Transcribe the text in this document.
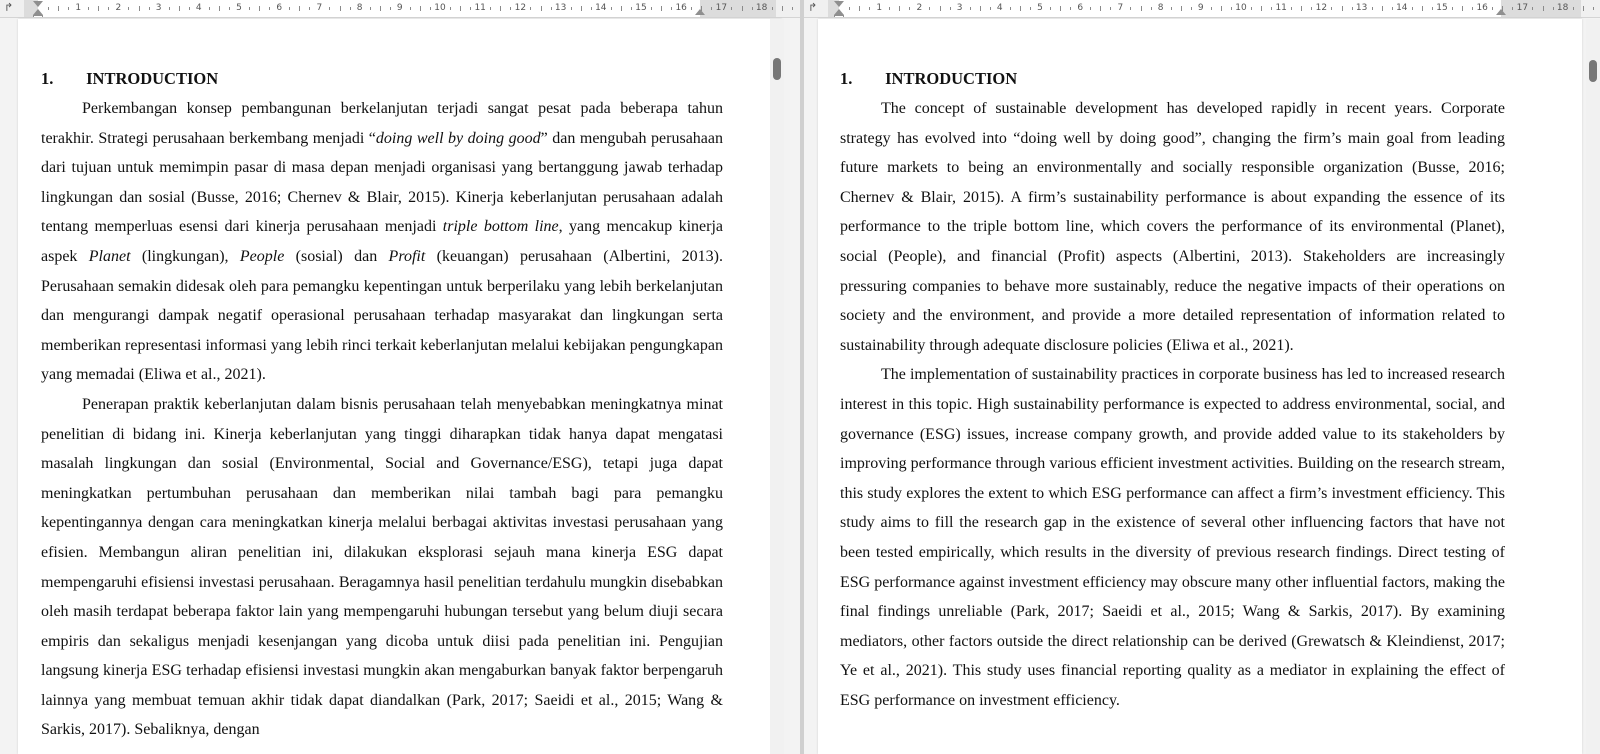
↱	1	2	3	4	5	6	7	8	9	10	11	12	13	14	15	16	17	18
1. INTRODUCTION

Perkembangan konsep pembangunan berkelanjutan terjadi sangat pesat pada beberapa tahun terakhir. Strategi perusahaan berkembang menjadi “doing well by doing good” dan mengubah perusahaan dari tujuan untuk memimpin pasar di masa depan menjadi organisasi yang bertanggung jawab terhadap lingkungan dan sosial (Busse, 2016; Chernev & Blair, 2015). Kinerja keberlanjutan perusahaan adalah tentang memperluas esensi dari kinerja perusahaan menjadi triple bottom line, yang mencakup kinerja aspek Planet (lingkungan), People (sosial) dan Profit (keuangan) perusahaan (Albertini, 2013). Perusahaan semakin didesak oleh para pemangku kepentingan untuk berperilaku yang lebih berkelanjutan dan mengurangi dampak negatif operasional perusahaan terhadap masyarakat dan lingkungan serta memberikan representasi informasi yang lebih rinci terkait keberlanjutan melalui kebijakan pengungkapan yang memadai (Eliwa et al., 2021).

Penerapan praktik keberlanjutan dalam bisnis perusahaan telah menyebabkan meningkatnya minat penelitian di bidang ini. Kinerja keberlanjutan yang tinggi diharapkan tidak hanya dapat mengatasi masalah lingkungan dan sosial (Environmental, Social and Governance/ESG), tetapi juga dapat meningkatkan pertumbuhan perusahaan dan memberikan nilai tambah bagi para pemangku kepentingannya dengan cara meningkatkan kinerja melalui berbagai aktivitas investasi perusahaan yang efisien. Membangun aliran penelitian ini, dilakukan eksplorasi sejauh mana kinerja ESG dapat mempengaruhi efisiensi investasi perusahaan. Beragamnya hasil penelitian terdahulu mungkin disebabkan oleh masih terdapat beberapa faktor lain yang mempengaruhi hubungan tersebut yang belum diuji secara empiris dan sekaligus menjadi kesenjangan yang dicoba untuk diisi pada penelitian ini. Pengujian langsung kinerja ESG terhadap efisiensi investasi mungkin akan mengaburkan banyak faktor berpengaruh lainnya yang membuat temuan akhir tidak dapat diandalkan (Park, 2017; Saeidi et al., 2015; Wang & Sarkis, 2017). Sebaliknya, dengan

↱	1	2	3	4	5	6	7	8	9	10	11	12	13	14	15	16	17	18
1. INTRODUCTION

The concept of sustainable development has developed rapidly in recent years. Corporate strategy has evolved into “doing well by doing good”, changing the firm’s main goal from leading future markets to being an environmentally and socially responsible organization (Busse, 2016; Chernev & Blair, 2015). A firm’s sustainability performance is about expanding the essence of its performance to the triple bottom line, which covers the performance of its environmental (Planet), social (People), and financial (Profit) aspects (Albertini, 2013). Stakeholders are increasingly pressuring companies to behave more sustainably, reduce the negative impacts of their operations on society and the environment, and provide a more detailed representation of information related to sustainability through adequate disclosure policies (Eliwa et al., 2021).

The implementation of sustainability practices in corporate business has led to increased research interest in this topic. High sustainability performance is expected to address environmental, social, and governance (ESG) issues, increase company growth, and provide added value to its stakeholders by improving performance through various efficient investment activities. Building on the research stream, this study explores the extent to which ESG performance can affect a firm’s investment efficiency. This study aims to fill the research gap in the existence of several other influencing factors that have not been tested empirically, which results in the diversity of previous research findings. Direct testing of ESG performance against investment efficiency may obscure many other influential factors, making the final findings unreliable (Park, 2017; Saeidi et al., 2015; Wang & Sarkis, 2017). By examining mediators, other factors outside the direct relationship can be derived (Grewatsch & Kleindienst, 2017; Ye et al., 2021). This study uses financial reporting quality as a mediator in explaining the effect of ESG performance on investment efficiency.
